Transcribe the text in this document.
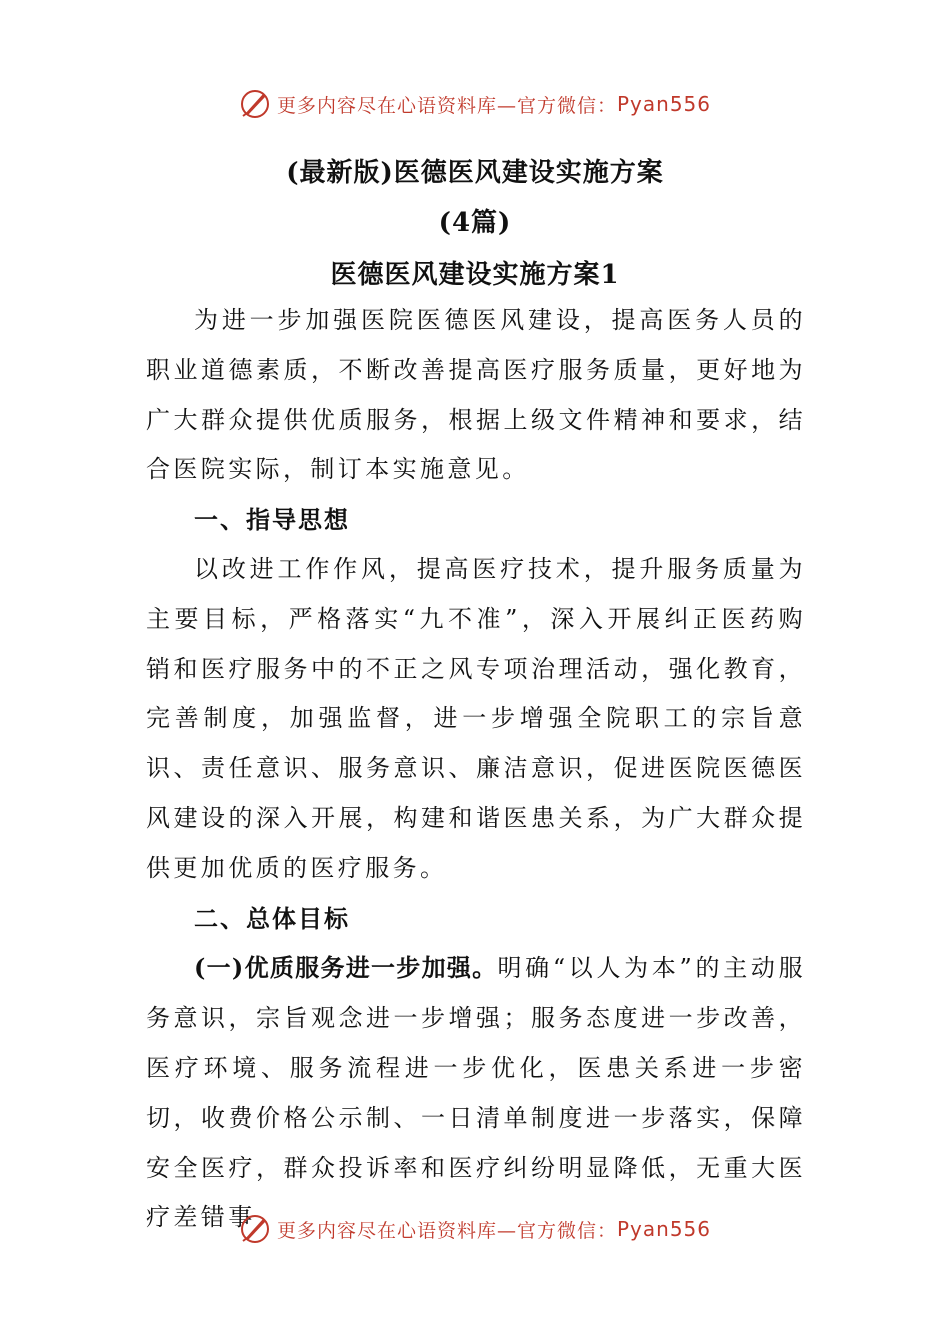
更多内容尽在心语资料库—官方微信： Pyan556
(最新版)医德医风建设实施方案
(4篇)
医德医风建设实施方案1

为进一步加强医院医德医风建设，提高医务人员的职业道德素质，不断改善提高医疗服务质量，更好地为广大群众提供优质服务，根据上级文件精神和要求，结合医院实际，制订本实施意见。

一、指导思想

以改进工作作风，提高医疗技术，提升服务质量为主要目标，严格落实“九不准”，深入开展纠正医药购销和医疗服务中的不正之风专项治理活动，强化教育，完善制度，加强监督，进一步增强全院职工的宗旨意识、责任意识、服务意识、廉洁意识，促进医院医德医风建设的深入开展，构建和谐医患关系，为广大群众提供更加优质的医疗服务。

二、总体目标

(一)优质服务进一步加强。明确“以人为本”的主动服务意识，宗旨观念进一步增强；服务态度进一步改善，医疗环境、服务流程进一步优化，医患关系进一步密切，收费价格公示制、一日清单制度进一步落实，保障安全医疗，群众投诉率和医疗纠纷明显降低，无重大医疗差错事	更多内容尽在心语资料库—官方微信： Pyan556
